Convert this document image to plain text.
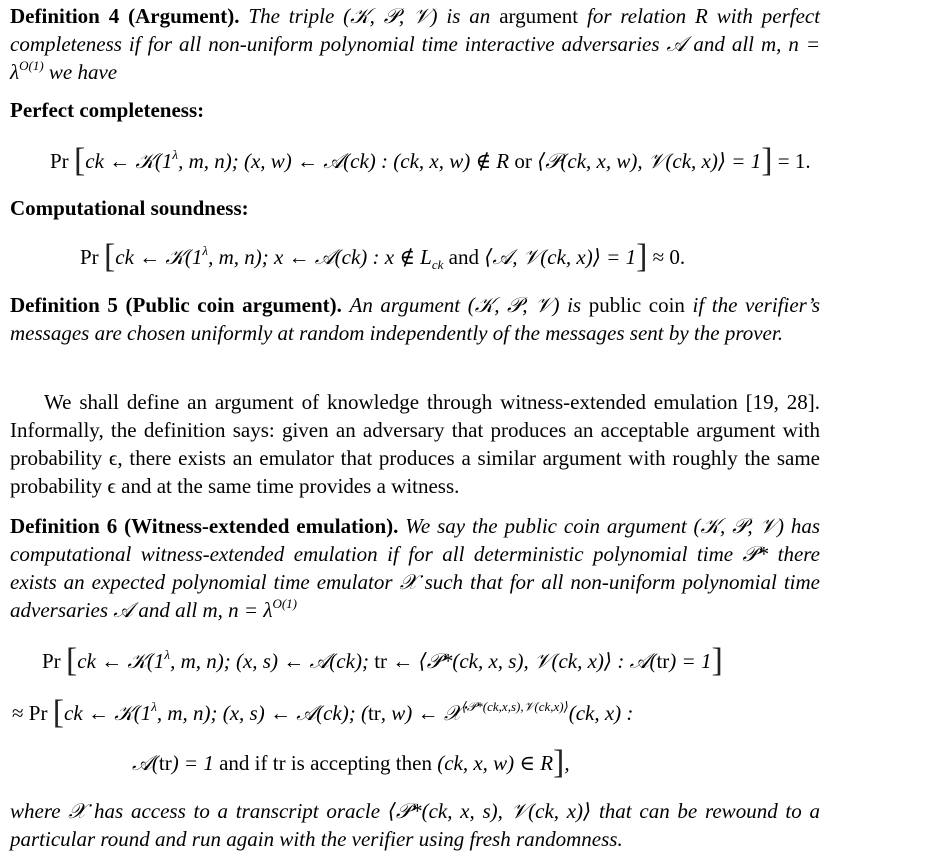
Definition 4 (Argument). The triple (𝒦, 𝒫, 𝒱) is an argument for relation R with perfect completeness if for all non-uniform polynomial time interactive adversaries 𝒜 and all m, $n = \lambda^{O(1)}$ we have
Perfect completeness:
Pr [ck ← $𝒦(1^\lambda$, m, n); (x, w) ← 𝒜(ck) : (ck, x, w) ∉ R or ⟨𝒫(ck, x, w), 𝒱(ck, x)⟩ = 1] = 1.
Computational soundness:
Pr [ck ← $𝒦(1^\lambda$, m, n); x ← 𝒜(ck) : x ∉ $L_{ck}$ and ⟨𝒜, 𝒱(ck, x)⟩ = 1] ≈ 0.
Definition 5 (Public coin argument). An argument (𝒦, 𝒫, 𝒱) is public coin if the verifier’s messages are chosen uniformly at random independently of the messages sent by the prover.
We shall define an argument of knowledge through witness-extended emulation [19, 28]. Informally, the definition says: given an adversary that produces an acceptable argument with probability ϵ, there exists an emulator that produces a similar argument with roughly the same probability ϵ and at the same time provides a witness.
Definition 6 (Witness-extended emulation). We say the public coin argument (𝒦, 𝒫, 𝒱) has computational witness-extended emulation if for all deterministic polynomial time 𝒫* there exists an expected polynomial time emulator 𝒳 such that for all non-uniform polynomial time adversaries 𝒜 and all m, $n = \lambda^{O(1)}$
Pr [ck ← $𝒦(1^\lambda$, m, n); (x, s) ← 𝒜(ck); tr ← ⟨𝒫*(ck, x, s), 𝒱(ck, x)⟩ : 𝒜(tr) = 1]
≈ Pr [ck ← $𝒦(1^\lambda$, m, n); (x, s) ← 𝒜(ck); (tr, w) ← 𝒳$^{⟨𝒫*(ck,x,s),𝒱(ck,x)⟩}$(ck, x) :
𝒜(tr) = 1 and if tr is accepting then (ck, x, w) ∈ R],
where 𝒳 has access to a transcript oracle ⟨𝒫*(ck, x, s), 𝒱(ck, x)⟩ that can be rewound to a particular round and run again with the verifier using fresh randomness.
